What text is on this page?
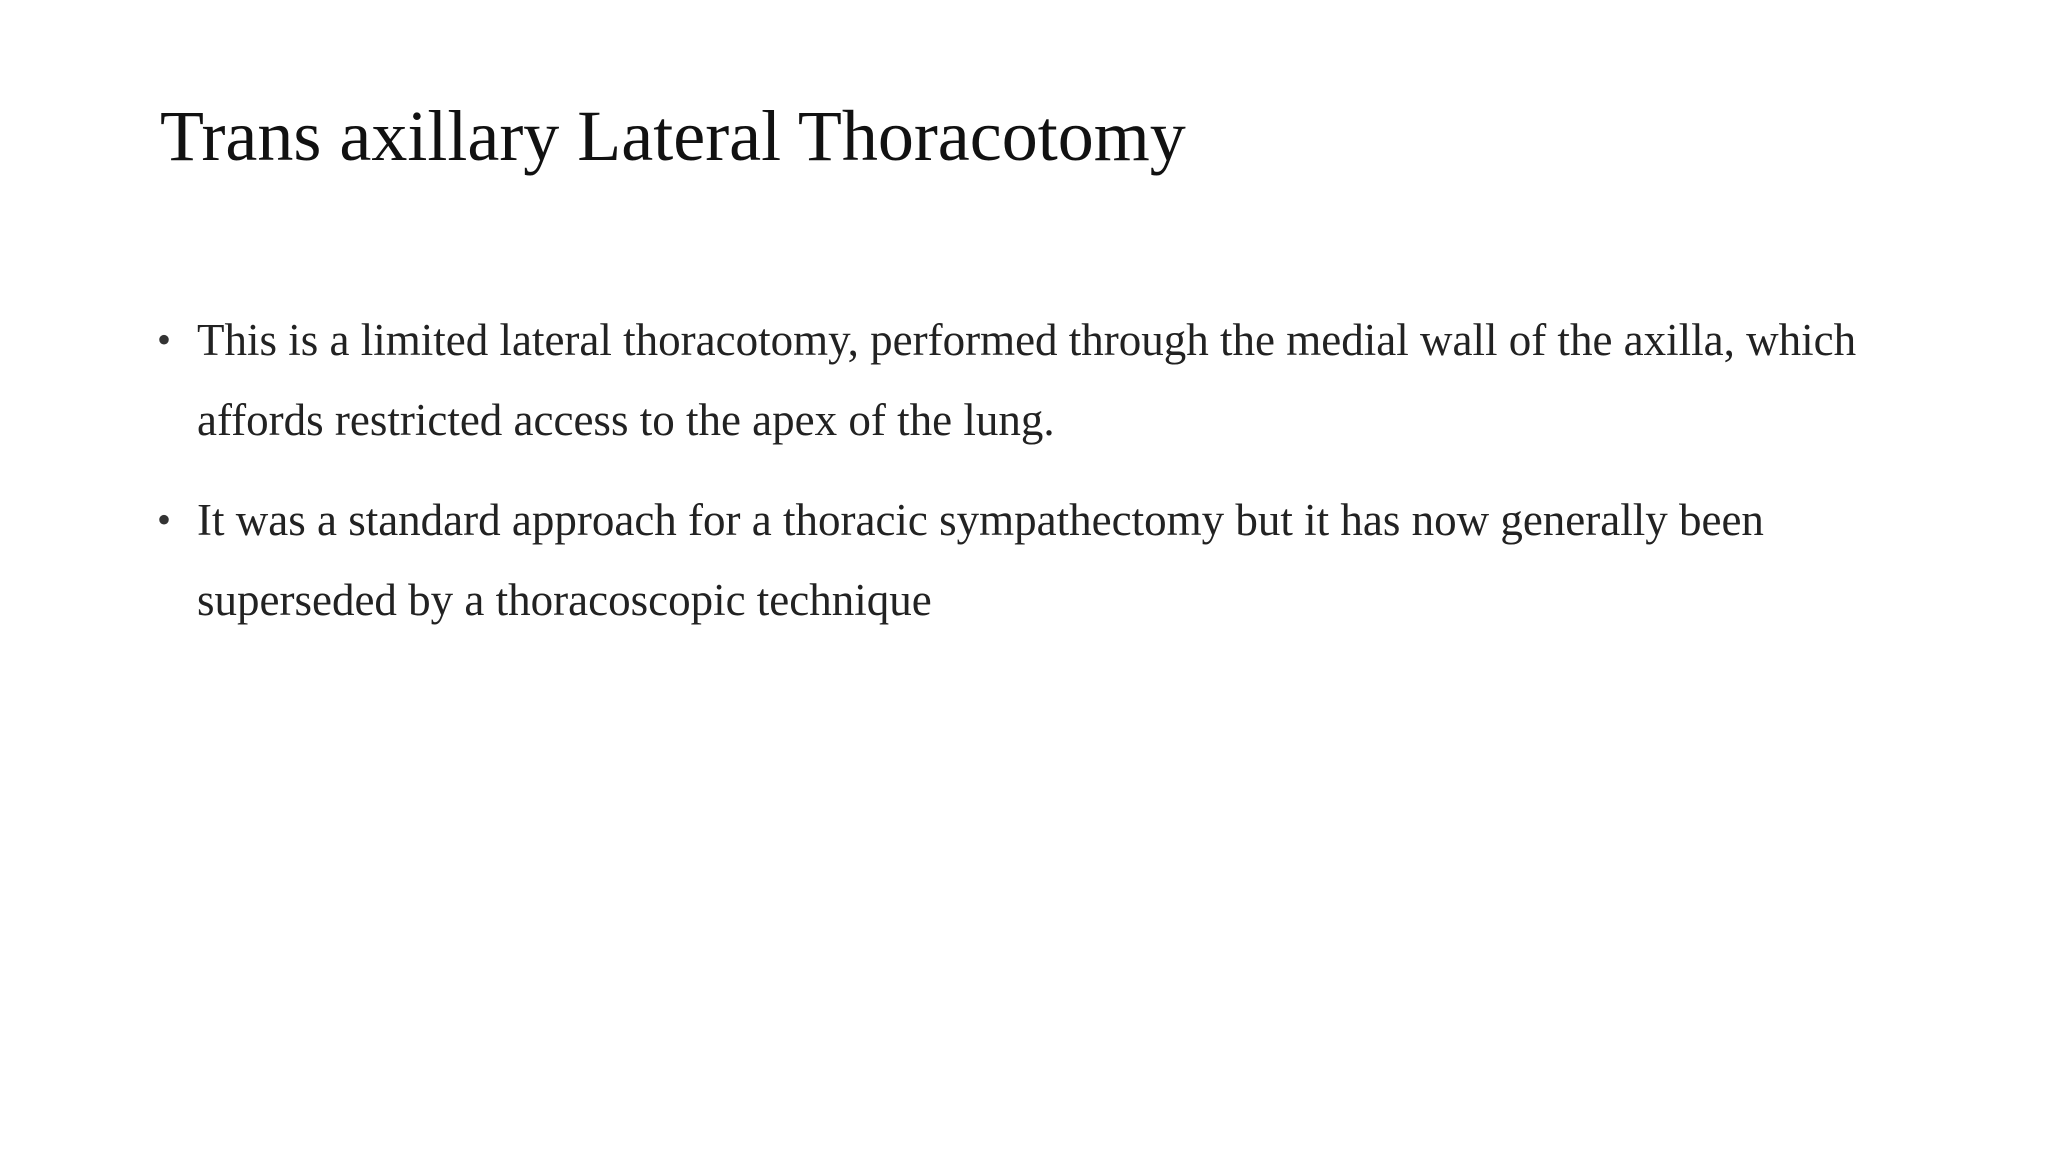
Trans axillary Lateral Thoracotomy
• This is a limited lateral thoracotomy, performed through the medial wall of the axilla, which affords restricted access to the apex of the lung.
• It was a standard approach for a thoracic sympathectomy but it has now generally been superseded by a thoracoscopic technique
